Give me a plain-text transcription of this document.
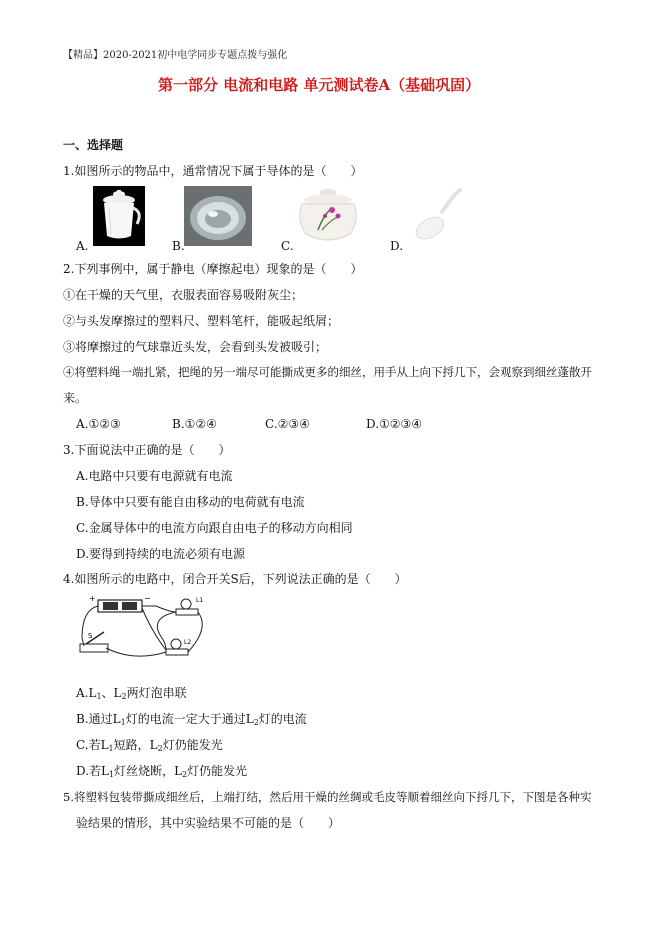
【精品】2020-2021初中电学同步专题点拨与强化
第一部分 电流和电路 单元测试卷A（基础巩固）
一、选择题
1.如图所示的物品中，通常情况下属于导体的是（　　）
A.	B.	C.	D.
2.下列事例中，属于静电（摩擦起电）现象的是（　　）
①在干燥的天气里，衣服表面容易吸附灰尘；
②与头发摩擦过的塑料尺、塑料笔杆，能吸起纸屑；
③将摩擦过的气球靠近头发，会看到头发被吸引；
④将塑料绳一端扎紧，把绳的另一端尽可能撕成更多的细丝，用手从上向下捋几下，会观察到细丝蓬散开
来。
A.①②③	B.①②④	C.②③④	D.①②③④
3.下面说法中正确的是（　　）
A.电路中只要有电源就有电流
B.导体中只要有能自由移动的电荷就有电流
C.金属导体中的电流方向跟自由电子的移动方向相同
D.要得到持续的电流必须有电源
4.如图所示的电路中，闭合开关S后，下列说法正确的是（　　）
+	−
S
L1
L2
$A.L_1$、$L_2$两灯泡串联
B.通过$L_1$灯的电流一定大于通过$L_2$灯的电流
C.若$L_1$短路，$L_2$灯仍能发光
D.若$L_1$灯丝烧断，$L_2$灯仍能发光
5.将塑料包装带撕成细丝后，上端打结，然后用干燥的丝绸或毛皮等顺着细丝向下捋几下，下图是各种实
验结果的情形，其中实验结果不可能的是（　　）
